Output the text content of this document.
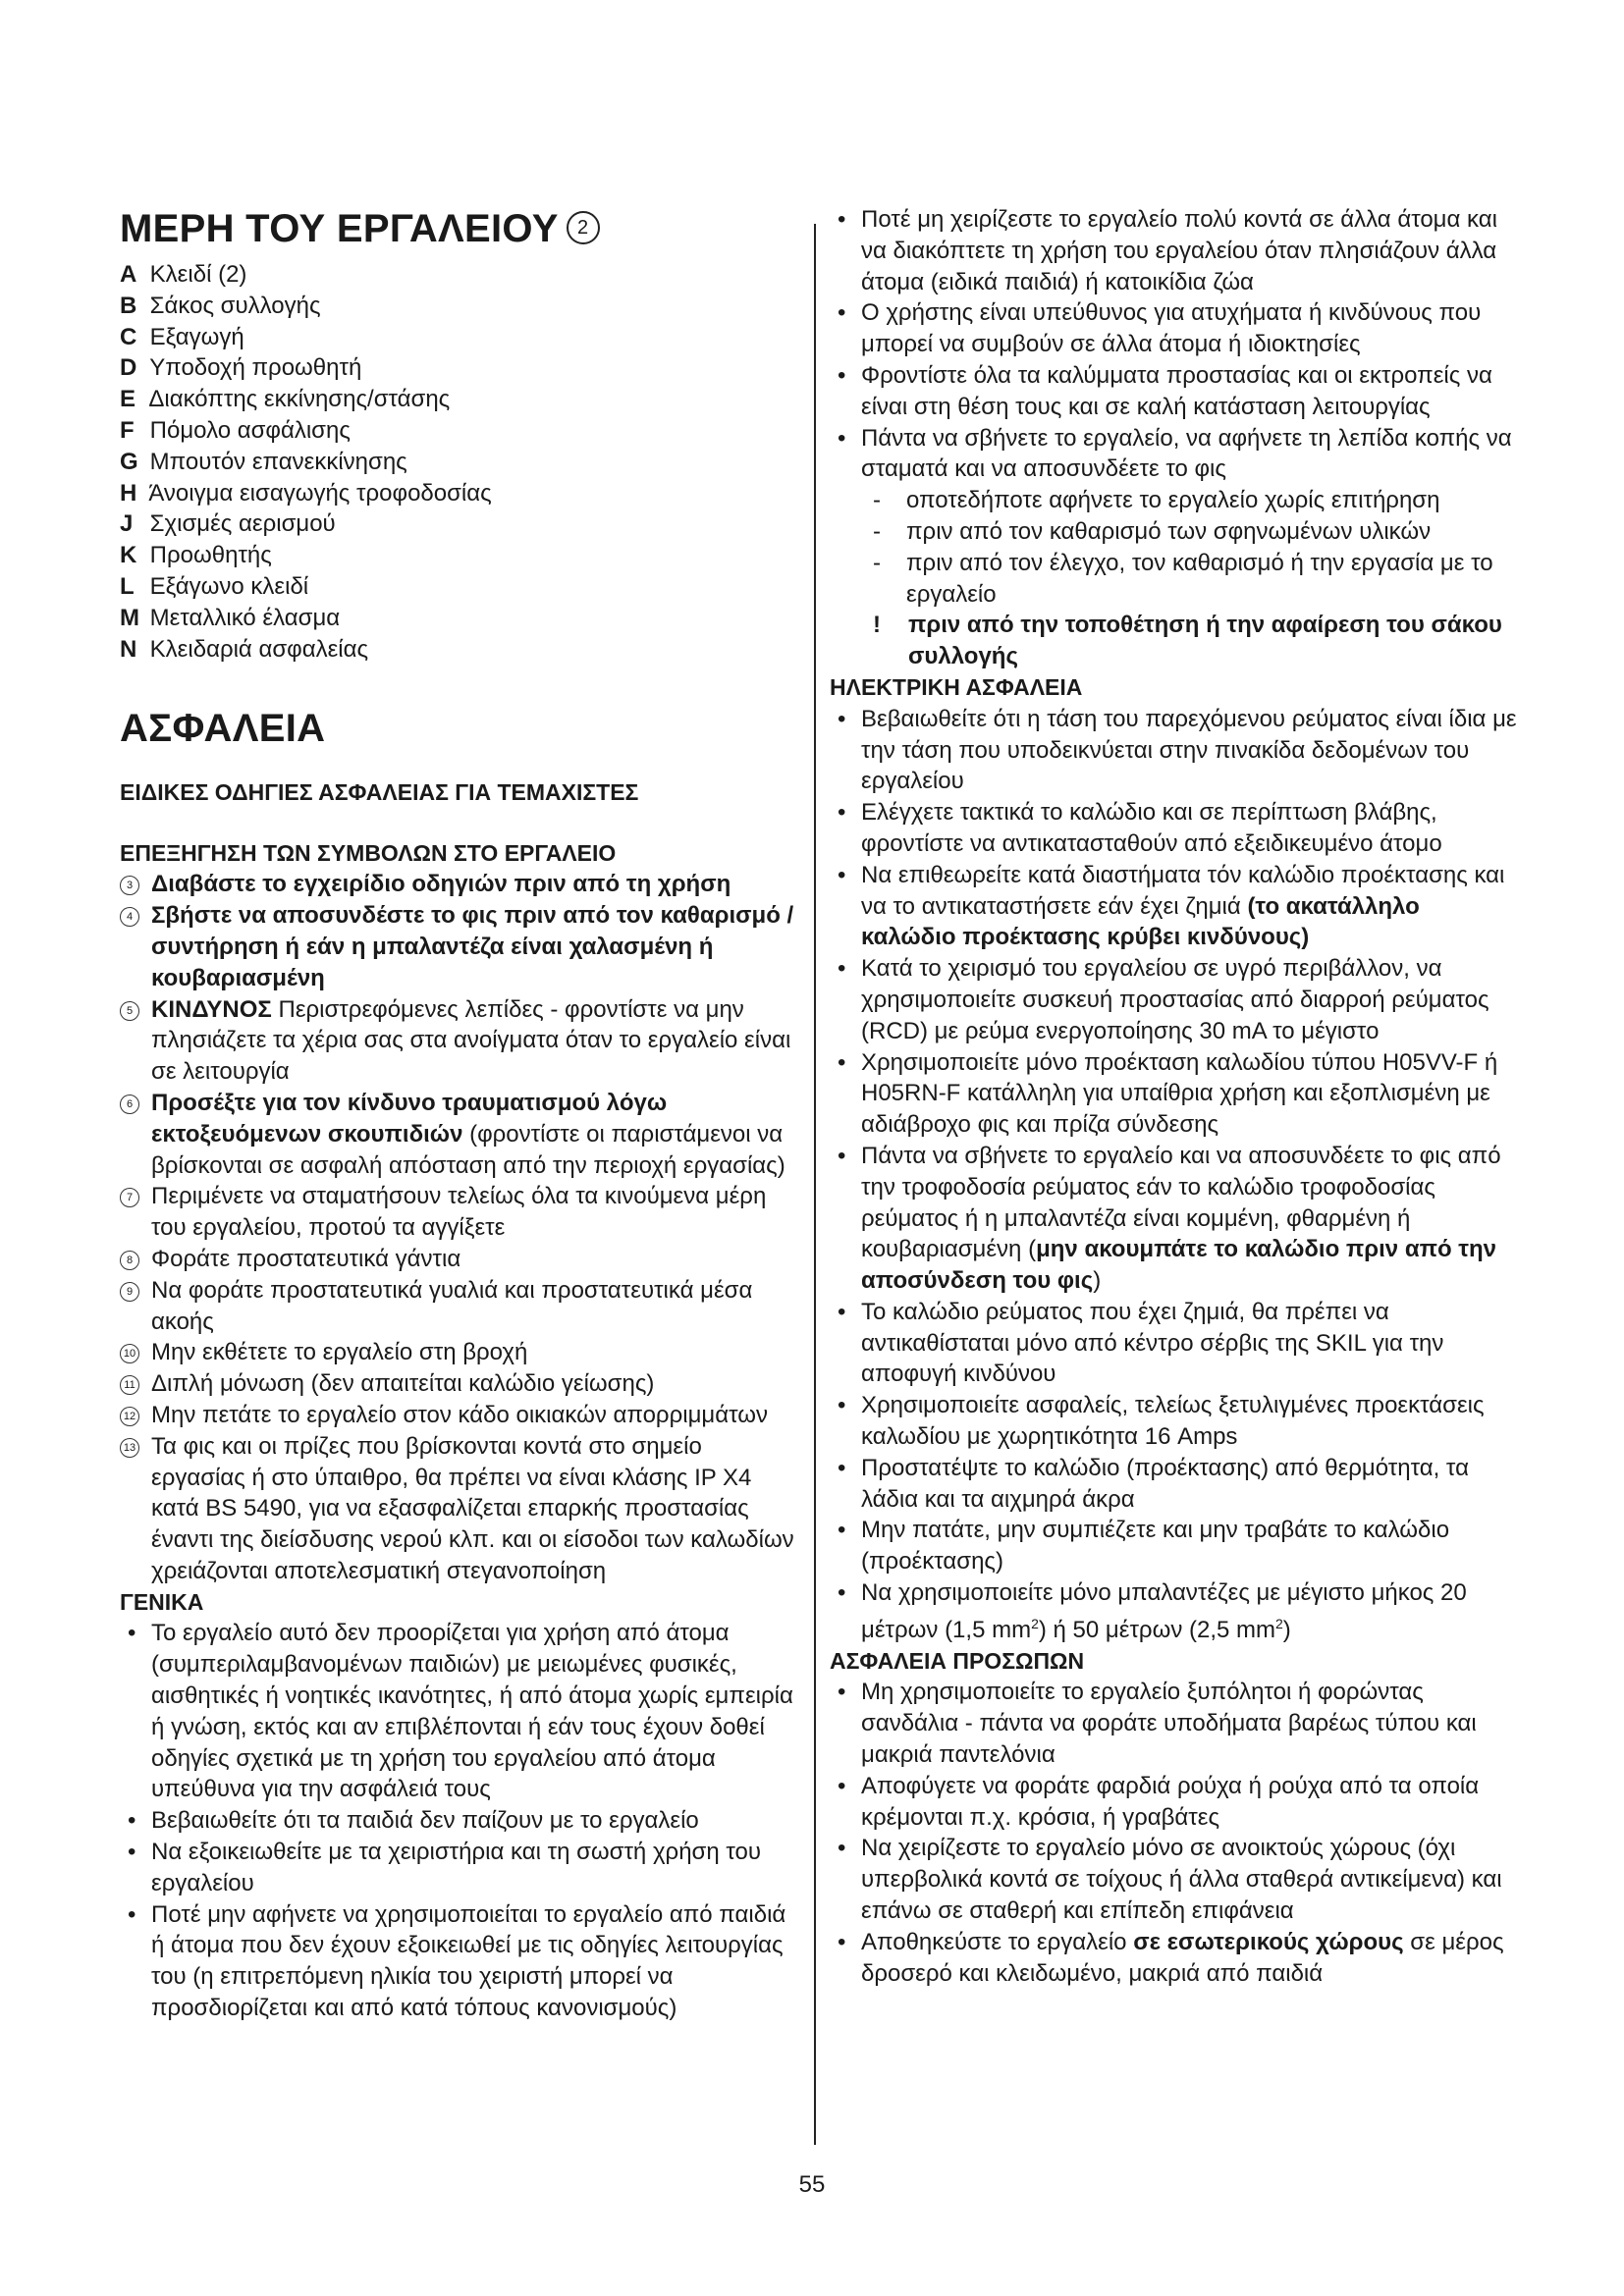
ΜΕΡΗ ΤΟΥ ΕΡΓΑΛΕΙΟΥ 2
A Κλειδί (2)
B Σάκος συλλογής
C Εξαγωγή
D Υποδοχή προωθητή
E Διακόπτης εκκίνησης/στάσης
F Πόμολο ασφάλισης
G Μπουτόν επανεκκίνησης
H Άνοιγμα εισαγωγής τροφοδοσίας
J Σχισμές αερισμού
K Προωθητής
L Εξάγωνο κλειδί
M Μεταλλικό έλασμα
N Κλειδαριά ασφαλείας
ΑΣΦΑΛΕΙΑ
ΕΙΔΙΚΕΣ ΟΔΗΓΙΕΣ ΑΣΦΑΛΕΙΑΣ ΓΙΑ ΤΕΜΑΧΙΣΤΕΣ
ΕΠΕΞΗΓΗΣΗ ΤΩΝ ΣΥΜΒΟΛΩΝ ΣΤΟ ΕΡΓΑΛΕΙΟ
3 Διαβάστε το εγχειρίδιο οδηγιών πριν από τη χρήση
4 Σβήστε να αποσυνδέστε το φις πριν από τον καθαρισμό / συντήρηση ή εάν η μπαλαντέζα είναι χαλασμένη ή κουβαριασμένη
5 ΚΙΝΔΥΝΟΣ Περιστρεφόμενες λεπίδες - φροντίστε να μην πλησιάζετε τα χέρια σας στα ανοίγματα όταν το εργαλείο είναι σε λειτουργία
6 Προσέξτε για τον κίνδυνο τραυματισμού λόγω εκτοξευόμενων σκουπιδιών (φροντίστε οι παριστάμενοι να βρίσκονται σε ασφαλή απόσταση από την περιοχή εργασίας)
7 Περιμένετε να σταματήσουν τελείως όλα τα κινούμενα μέρη του εργαλείου, προτού τα αγγίξετε
8 Φοράτε προστατευτικά γάντια
9 Να φοράτε προστατευτικά γυαλιά και προστατευτικά μέσα ακοής
10 Μην εκθέτετε το εργαλείο στη βροχή
11 Διπλή μόνωση (δεν απαιτείται καλώδιο γείωσης)
12 Μην πετάτε το εργαλείο στον κάδο οικιακών απορριμμάτων
13 Τα φις και οι πρίζες που βρίσκονται κοντά στο σημείο εργασίας ή στο ύπαιθρο, θα πρέπει να είναι κλάσης IP X4 κατά BS 5490, για να εξασφαλίζεται επαρκής προστασίας έναντι της διείσδυσης νερού κλπ. και οι είσοδοι των καλωδίων χρειάζονται αποτελεσματική στεγανοποίηση
ΓΕΝΙΚΑ
• Το εργαλείο αυτό δεν προορίζεται για χρήση από άτομα (συμπεριλαμβανομένων παιδιών) με μειωμένες φυσικές, αισθητικές ή νοητικές ικανότητες, ή από άτομα χωρίς εμπειρία ή γνώση, εκτός και αν επιβλέπονται ή εάν τους έχουν δοθεί οδηγίες σχετικά με τη χρήση του εργαλείου από άτομα υπεύθυνα για την ασφάλειά τους
• Βεβαιωθείτε ότι τα παιδιά δεν παίζουν με το εργαλείο
• Να εξοικειωθείτε με τα χειριστήρια και τη σωστή χρήση του εργαλείου
• Ποτέ μην αφήνετε να χρησιμοποιείται το εργαλείο από παιδιά ή άτομα που δεν έχουν εξοικειωθεί με τις οδηγίες λειτουργίας του (η επιτρεπόμενη ηλικία του χειριστή μπορεί να προσδιορίζεται και από κατά τόπους κανονισμούς)
• Ποτέ μη χειρίζεστε το εργαλείο πολύ κοντά σε άλλα άτομα και να διακόπτετε τη χρήση του εργαλείου όταν πλησιάζουν άλλα άτομα (ειδικά παιδιά) ή κατοικίδια ζώα
• Ο χρήστης είναι υπεύθυνος για ατυχήματα ή κινδύνους που μπορεί να συμβούν σε άλλα άτομα ή ιδιοκτησίες
• Φροντίστε όλα τα καλύμματα προστασίας και οι εκτροπείς να είναι στη θέση τους και σε καλή κατάσταση λειτουργίας
• Πάντα να σβήνετε το εργαλείο, να αφήνετε τη λεπίδα κοπής να σταματά και να αποσυνδέετε το φις
- οποτεδήποτε αφήνετε το εργαλείο χωρίς επιτήρηση
- πριν από τον καθαρισμό των σφηνωμένων υλικών
- πριν από τον έλεγχο, τον καθαρισμό ή την εργασία με το εργαλείο
! πριν από την τοποθέτηση ή την αφαίρεση του σάκου συλλογής
ΗΛΕΚΤΡΙΚΗ ΑΣΦΑΛΕΙΑ
• Βεβαιωθείτε ότι η τάση του παρεχόμενου ρεύματος είναι ίδια με την τάση που υποδεικνύεται στην πινακίδα δεδομένων του εργαλείου
• Ελέγχετε τακτικά το καλώδιο και σε περίπτωση βλάβης, φροντίστε να αντικατασταθούν από εξειδικευμένο άτομο
• Να επιθεωρείτε κατά διαστήματα τόν καλώδιο προέκτασης και να το αντικαταστήσετε εάν έχει ζημιά (το ακατάλληλο καλώδιο προέκτασης κρύβει κινδύνους)
• Κατά το χειρισμό του εργαλείου σε υγρό περιβάλλον, να χρησιμοποιείτε συσκευή προστασίας από διαρροή ρεύματος (RCD) με ρεύμα ενεργοποίησης 30 mA το μέγιστο
• Χρησιμοποιείτε μόνο προέκταση καλωδίου τύπου H05VV-F ή H05RN-F κατάλληλη για υπαίθρια χρήση και εξοπλισμένη με αδιάβροχο φις και πρίζα σύνδεσης
• Πάντα να σβήνετε το εργαλείο και να αποσυνδέετε το φις από την τροφοδοσία ρεύματος εάν το καλώδιο τροφοδοσίας ρεύματος ή η μπαλαντέζα είναι κομμένη, φθαρμένη ή κουβαριασμένη (μην ακουμπάτε το καλώδιο πριν από την αποσύνδεση του φις)
• Το καλώδιο ρεύματος που έχει ζημιά, θα πρέπει να αντικαθίσταται μόνο από κέντρο σέρβις της SKIL για την αποφυγή κινδύνου
• Χρησιμοποιείτε ασφαλείς, τελείως ξετυλιγμένες προεκτάσεις καλωδίου με χωρητικότητα 16 Amps
• Προστατέψτε το καλώδιο (προέκτασης) από θερμότητα, τα λάδια και τα αιχμηρά άκρα
• Μην πατάτε, μην συμπιέζετε και μην τραβάτε το καλώδιο (προέκτασης)
• Να χρησιμοποιείτε μόνο μπαλαντέζες με μέγιστο μήκος 20 μέτρων (1,5 $mm^2$) ή 50 μέτρων (2,5 $mm^2$)
ΑΣΦΑΛΕΙΑ ΠΡΟΣΩΠΩΝ
• Μη χρησιμοποιείτε το εργαλείο ξυπόλητοι ή φορώντας σανδάλια - πάντα να φοράτε υποδήματα βαρέως τύπου και μακριά παντελόνια
• Αποφύγετε να φοράτε φαρδιά ρούχα ή ρούχα από τα οποία κρέμονται π.χ. κρόσια, ή γραβάτες
• Να χειρίζεστε το εργαλείο μόνο σε ανοικτούς χώρους (όχι υπερβολικά κοντά σε τοίχους ή άλλα σταθερά αντικείμενα) και επάνω σε σταθερή και επίπεδη επιφάνεια
• Αποθηκεύστε το εργαλείο σε εσωτερικούς χώρους σε μέρος δροσερό και κλειδωμένο, μακριά από παιδιά
55
